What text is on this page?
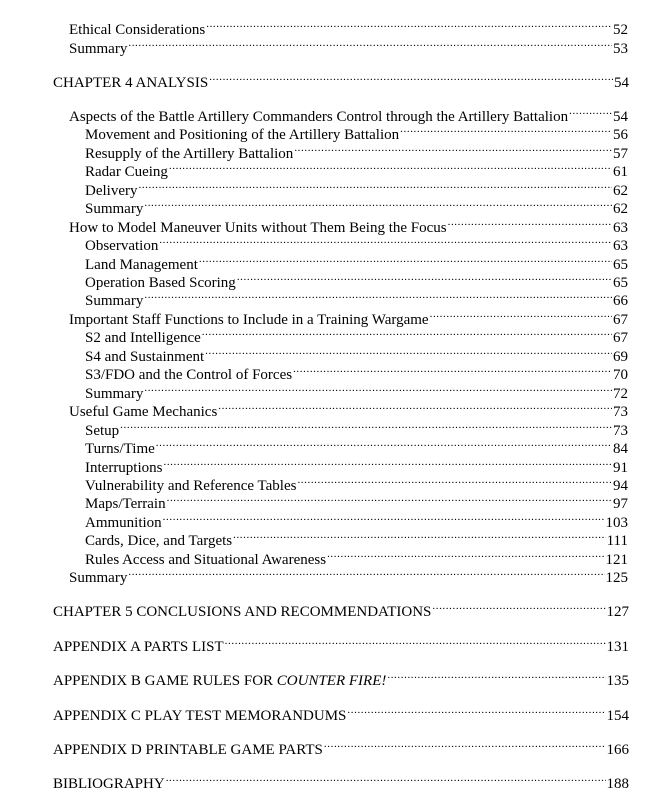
Ethical Considerations .....	52
Summary .....	53
CHAPTER 4 ANALYSIS .....	54
Aspects of the Battle Artillery Commanders Control through the Artillery Battalion .....	54
Movement and Positioning of the Artillery Battalion .....	56
Resupply of the Artillery Battalion .....	57
Radar Cueing .....	61
Delivery .....	62
Summary .....	62
How to Model Maneuver Units without Them Being the Focus .....	63
Observation .....	63
Land Management .....	65
Operation Based Scoring .....	65
Summary .....	66
Important Staff Functions to Include in a Training Wargame .....	67
S2 and Intelligence .....	67
S4 and Sustainment .....	69
S3/FDO and the Control of Forces .....	70
Summary .....	72
Useful Game Mechanics .....	73
Setup .....	73
Turns/Time .....	84
Interruptions .....	91
Vulnerability and Reference Tables .....	94
Maps/Terrain .....	97
Ammunition .....	103
Cards, Dice, and Targets .....	111
Rules Access and Situational Awareness .....	121
Summary .....	125
CHAPTER 5 CONCLUSIONS AND RECOMMENDATIONS .....	127
APPENDIX A PARTS LIST .....	131
APPENDIX B GAME RULES FOR COUNTER FIRE! .....	135
APPENDIX C PLAY TEST MEMORANDUMS .....	154
APPENDIX D PRINTABLE GAME PARTS .....	166
BIBLIOGRAPHY .....	188
